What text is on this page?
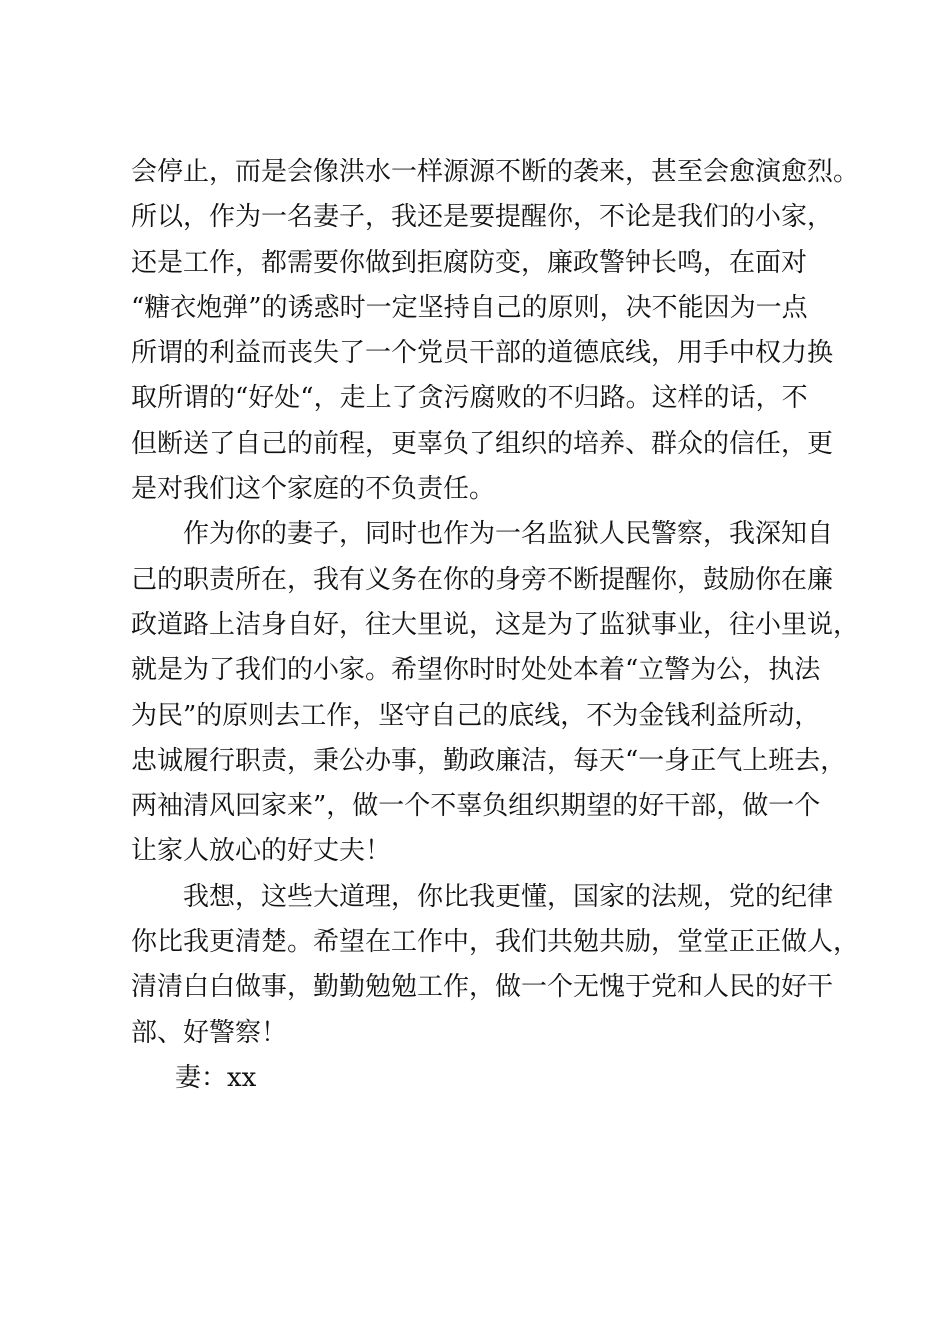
会停止，而是会像洪水一样源源不断的袭来，甚至会愈演愈烈。
所以，作为一名妻子，我还是要提醒你，不论是我们的小家，
还是工作，都需要你做到拒腐防变，廉政警钟长鸣，在面对
“糖衣炮弹”的诱惑时一定坚持自己的原则，决不能因为一点
所谓的利益而丧失了一个党员干部的道德底线，用手中权力换
取所谓的“好处“，走上了贪污腐败的不归路。这样的话，不
但断送了自己的前程，更辜负了组织的培养、群众的信任，更
是对我们这个家庭的不负责任。
作为你的妻子，同时也作为一名监狱人民警察，我深知自
己的职责所在，我有义务在你的身旁不断提醒你，鼓励你在廉
政道路上洁身自好，往大里说，这是为了监狱事业，往小里说，
就是为了我们的小家。希望你时时处处本着“立警为公，执法
为民”的原则去工作，坚守自己的底线，不为金钱利益所动，
忠诚履行职责，秉公办事，勤政廉洁，每天“一身正气上班去，
两袖清风回家来”，做一个不辜负组织期望的好干部，做一个
让家人放心的好丈夫！
我想，这些大道理，你比我更懂，国家的法规，党的纪律
你比我更清楚。希望在工作中，我们共勉共励，堂堂正正做人，
清清白白做事，勤勤勉勉工作，做一个无愧于党和人民的好干
部、好警察！
妻：xx
